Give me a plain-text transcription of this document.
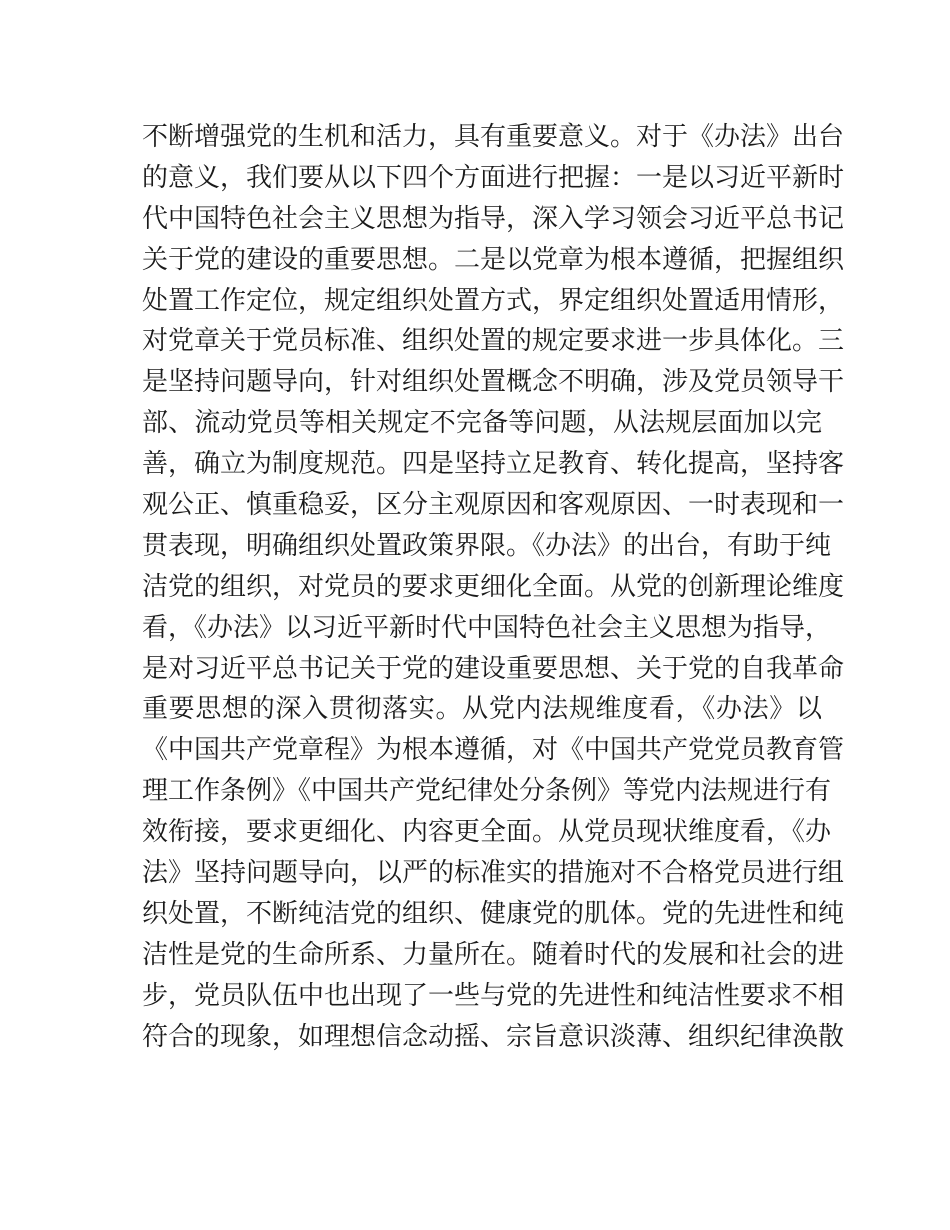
不断增强党的生机和活力，具有重要意义。对于《办法》出台
的意义，我们要从以下四个方面进行把握：一是以习近平新时
代中国特色社会主义思想为指导，深入学习领会习近平总书记
关于党的建设的重要思想。二是以党章为根本遵循，把握组织
处置工作定位，规定组织处置方式，界定组织处置适用情形，
对党章关于党员标准、组织处置的规定要求进一步具体化。三
是坚持问题导向，针对组织处置概念不明确，涉及党员领导干
部、流动党员等相关规定不完备等问题，从法规层面加以完
善，确立为制度规范。四是坚持立足教育、转化提高，坚持客
观公正、慎重稳妥，区分主观原因和客观原因、一时表现和一
贯表现，明确组织处置政策界限。《办法》的出台，有助于纯
洁党的组织，对党员的要求更细化全面。从党的创新理论维度
看，《办法》以习近平新时代中国特色社会主义思想为指导，
是对习近平总书记关于党的建设重要思想、关于党的自我革命
重要思想的深入贯彻落实。从党内法规维度看，《办法》以
《中国共产党章程》为根本遵循，对《中国共产党党员教育管
理工作条例》《中国共产党纪律处分条例》等党内法规进行有
效衔接，要求更细化、内容更全面。从党员现状维度看，《办
法》坚持问题导向，以严的标准实的措施对不合格党员进行组
织处置，不断纯洁党的组织、健康党的肌体。党的先进性和纯
洁性是党的生命所系、力量所在。随着时代的发展和社会的进
步，党员队伍中也出现了一些与党的先进性和纯洁性要求不相
符合的现象，如理想信念动摇、宗旨意识淡薄、组织纪律涣散
